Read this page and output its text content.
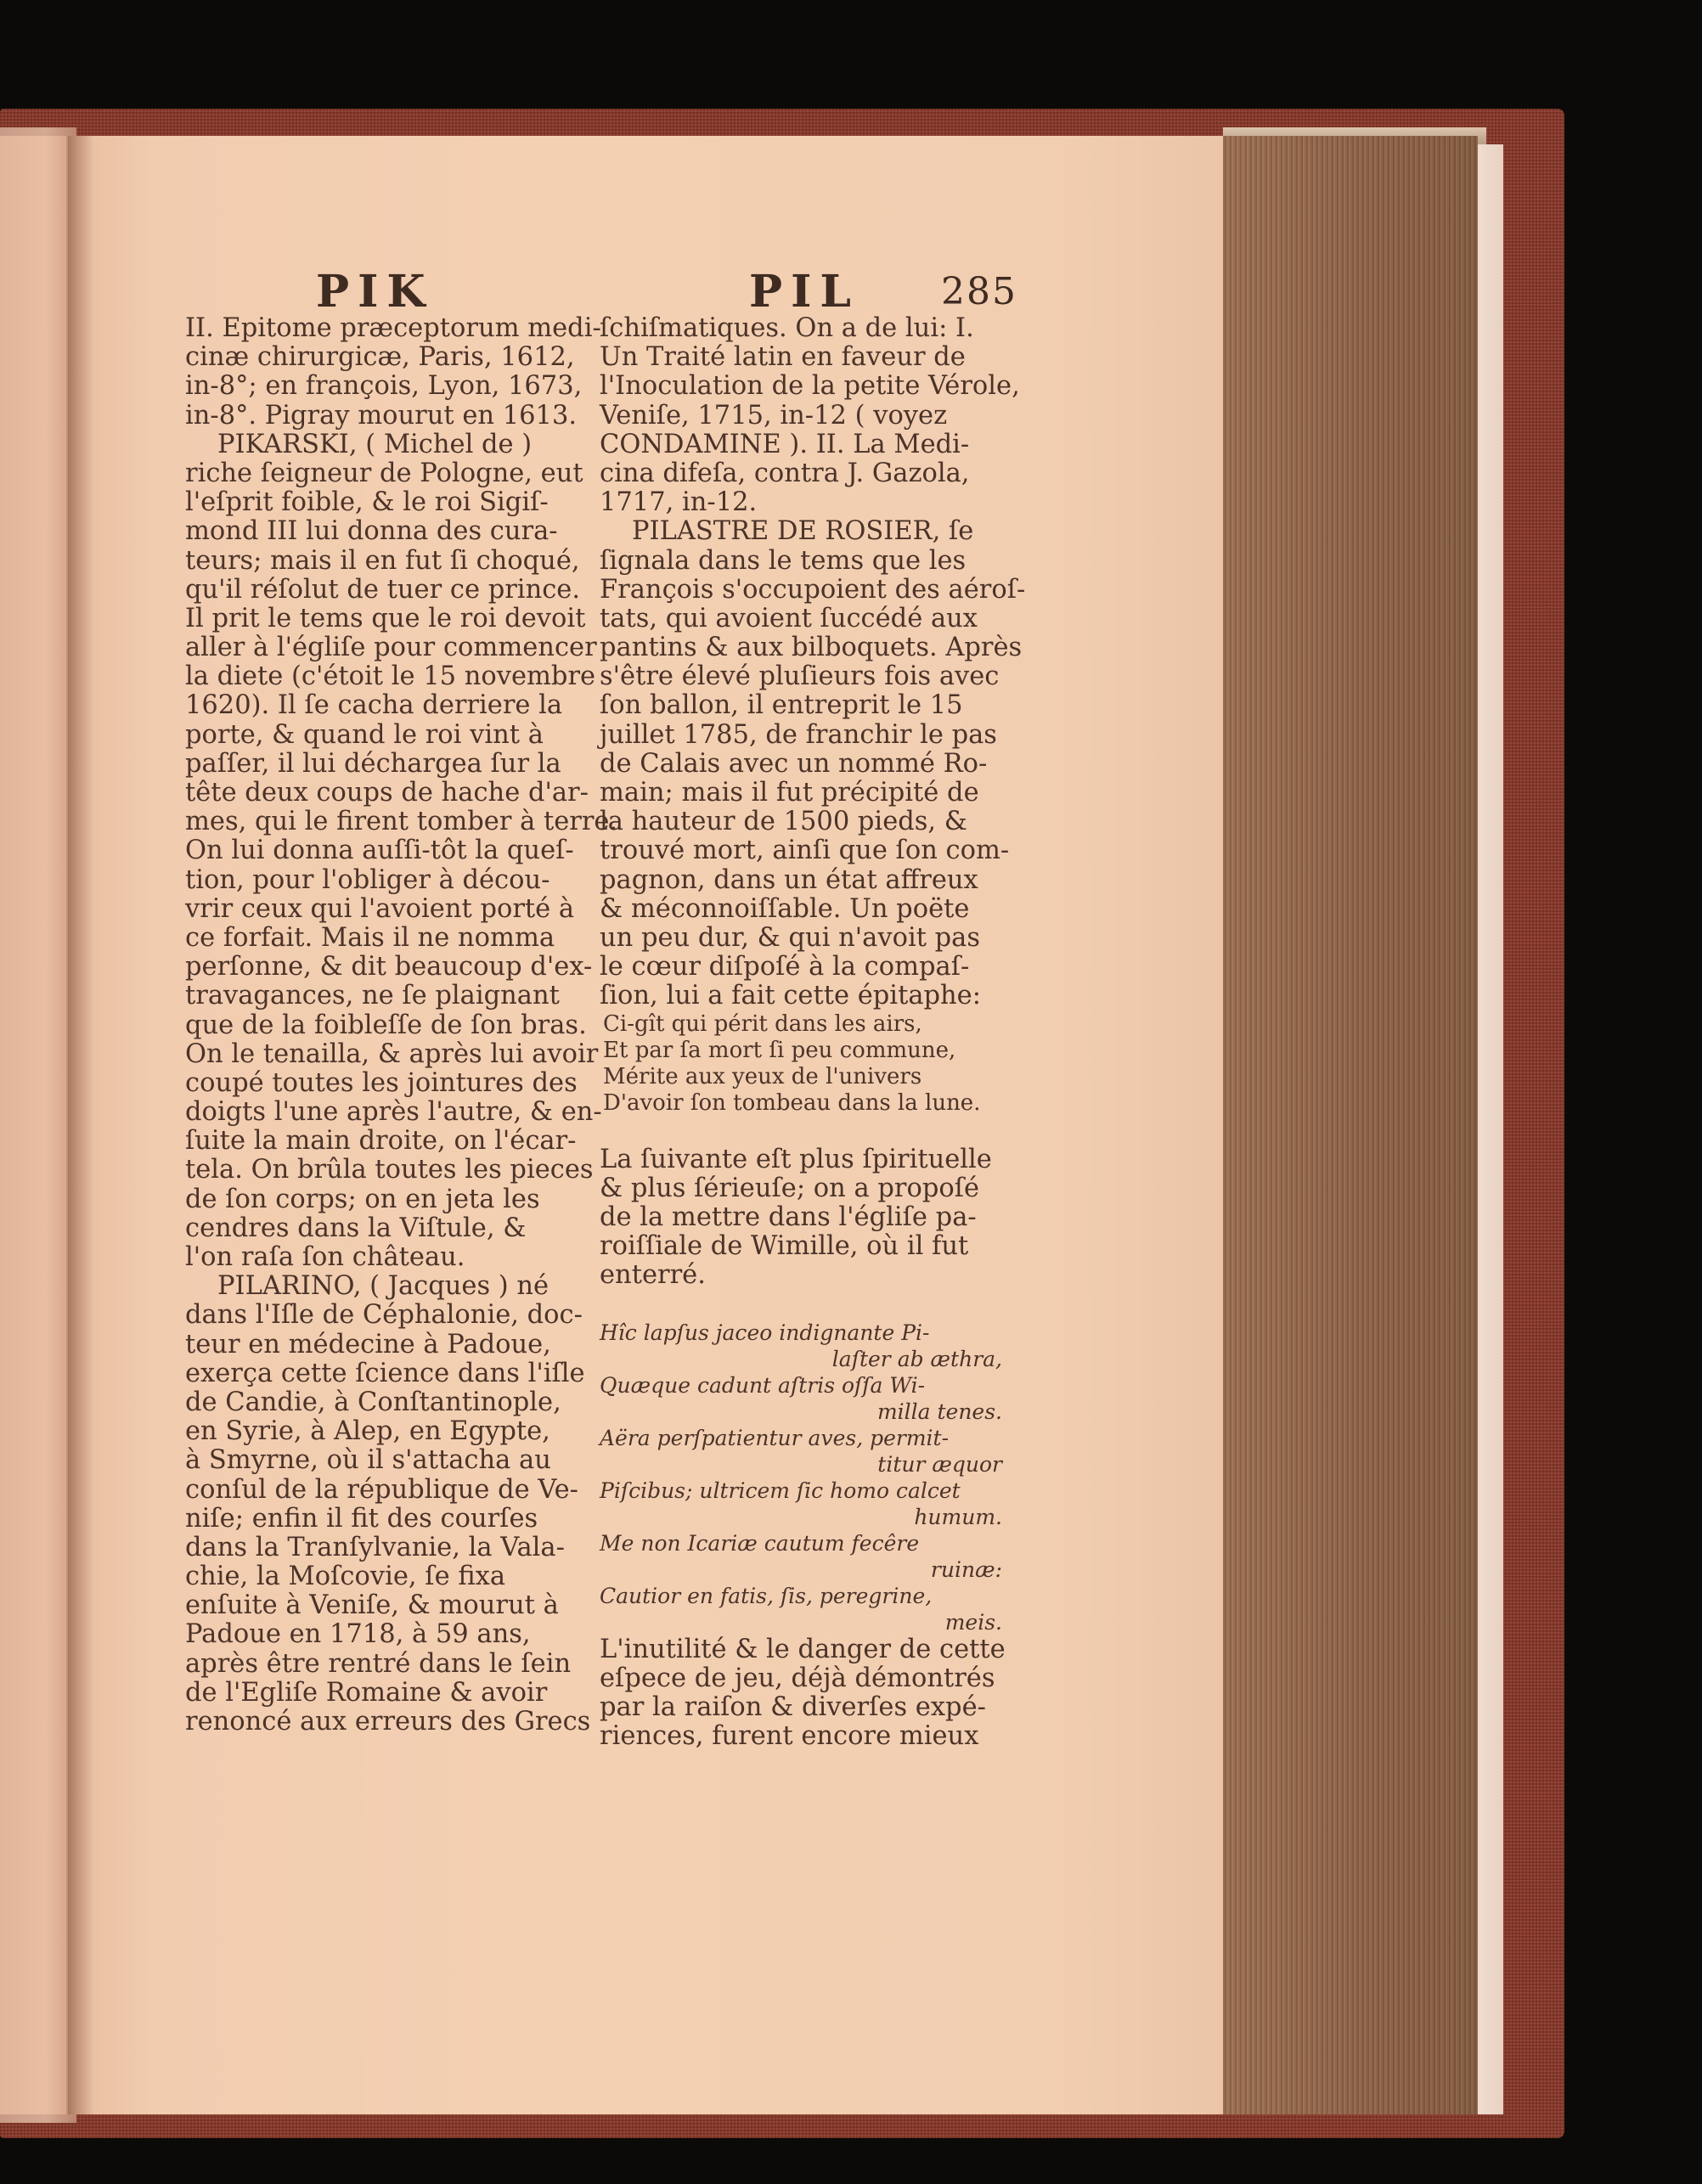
PIK	PIL 285
II. Epitome præceptorum medi-
cinæ chirurgicæ, Paris, 1612,
in-8°; en françois, Lyon, 1673,
in-8°. Pigray mourut en 1613.
PIKARSKI, ( Michel de )
riche ſeigneur de Pologne, eut
l'eſprit foible, & le roi Sigiſ-
mond III lui donna des cura-
teurs; mais il en fut ſi choqué,
qu'il réſolut de tuer ce prince.
Il prit le tems que le roi devoit
aller à l'égliſe pour commencer
la diete (c'étoit le 15 novembre
1620). Il ſe cacha derriere la
porte, & quand le roi vint à
paſſer, il lui déchargea ſur la
tête deux coups de hache d'ar-
mes, qui le firent tomber à terre.
On lui donna auſſi-tôt la queſ-
tion, pour l'obliger à décou-
vrir ceux qui l'avoient porté à
ce forfait. Mais il ne nomma
perſonne, & dit beaucoup d'ex-
travagances, ne ſe plaignant
que de la foibleſſe de ſon bras.
On le tenailla, & après lui avoir
coupé toutes les jointures des
doigts l'une après l'autre, & en-
ſuite la main droite, on l'écar-
tela. On brûla toutes les pieces
de ſon corps; on en jeta les
cendres dans la Viſtule, &
l'on raſa ſon château.
PILARINO, ( Jacques ) né
dans l'Iſle de Céphalonie, doc-
teur en médecine à Padoue,
exerça cette ſcience dans l'iſle
de Candie, à Conſtantinople,
en Syrie, à Alep, en Egypte,
à Smyrne, où il s'attacha au
conſul de la république de Ve-
niſe; enfin il fit des courſes
dans la Tranſylvanie, la Vala-
chie, la Moſcovie, ſe fixa
enſuite à Veniſe, & mourut à
Padoue en 1718, à 59 ans,
après être rentré dans le ſein
de l'Egliſe Romaine & avoir
renoncé aux erreurs des Grecs
ſchiſmatiques. On a de lui: I.
Un Traité latin en faveur de
l'Inoculation de la petite Vérole,
Veniſe, 1715, in-12 ( voyez
CONDAMINE ). II. La Medi-
cina difeſa, contra J. Gazola,
1717, in-12.
PILASTRE DE ROSIER, ſe
ſignala dans le tems que les
François s'occupoient des aéroſ-
tats, qui avoient ſuccédé aux
pantins & aux bilboquets. Après
s'être élevé pluſieurs fois avec
ſon ballon, il entreprit le 15
juillet 1785, de franchir le pas
de Calais avec un nommé Ro-
main; mais il fut précipité de
la hauteur de 1500 pieds, &
trouvé mort, ainſi que ſon com-
pagnon, dans un état affreux
& méconnoiſſable. Un poëte
un peu dur, & qui n'avoit pas
le cœur diſpoſé à la compaſ-
ſion, lui a fait cette épitaphe:
Ci-gît qui périt dans les airs,
Et par ſa mort ſi peu commune,
Mérite aux yeux de l'univers
D'avoir ſon tombeau dans la lune.
La ſuivante eſt plus ſpirituelle
& plus ſérieuſe; on a propoſé
de la mettre dans l'égliſe pa-
roiſſiale de Wimille, où il fut
enterré.
Hîc lapſus jaceo indignante Pi-
laſter ab æthra,
Quæque cadunt aſtris oſſa Wi-
milla tenes.
Aëra perſpatientur aves, permit-
titur æquor
Piſcibus; ultricem ſic homo calcet
humum.
Me non Icariæ cautum fecêre
ruinæ:
Cautior en fatis, ſis, peregrine,
meis.
L'inutilité & le danger de cette
eſpece de jeu, déjà démontrés
par la raiſon & diverſes expé-
riences, furent encore mieux
